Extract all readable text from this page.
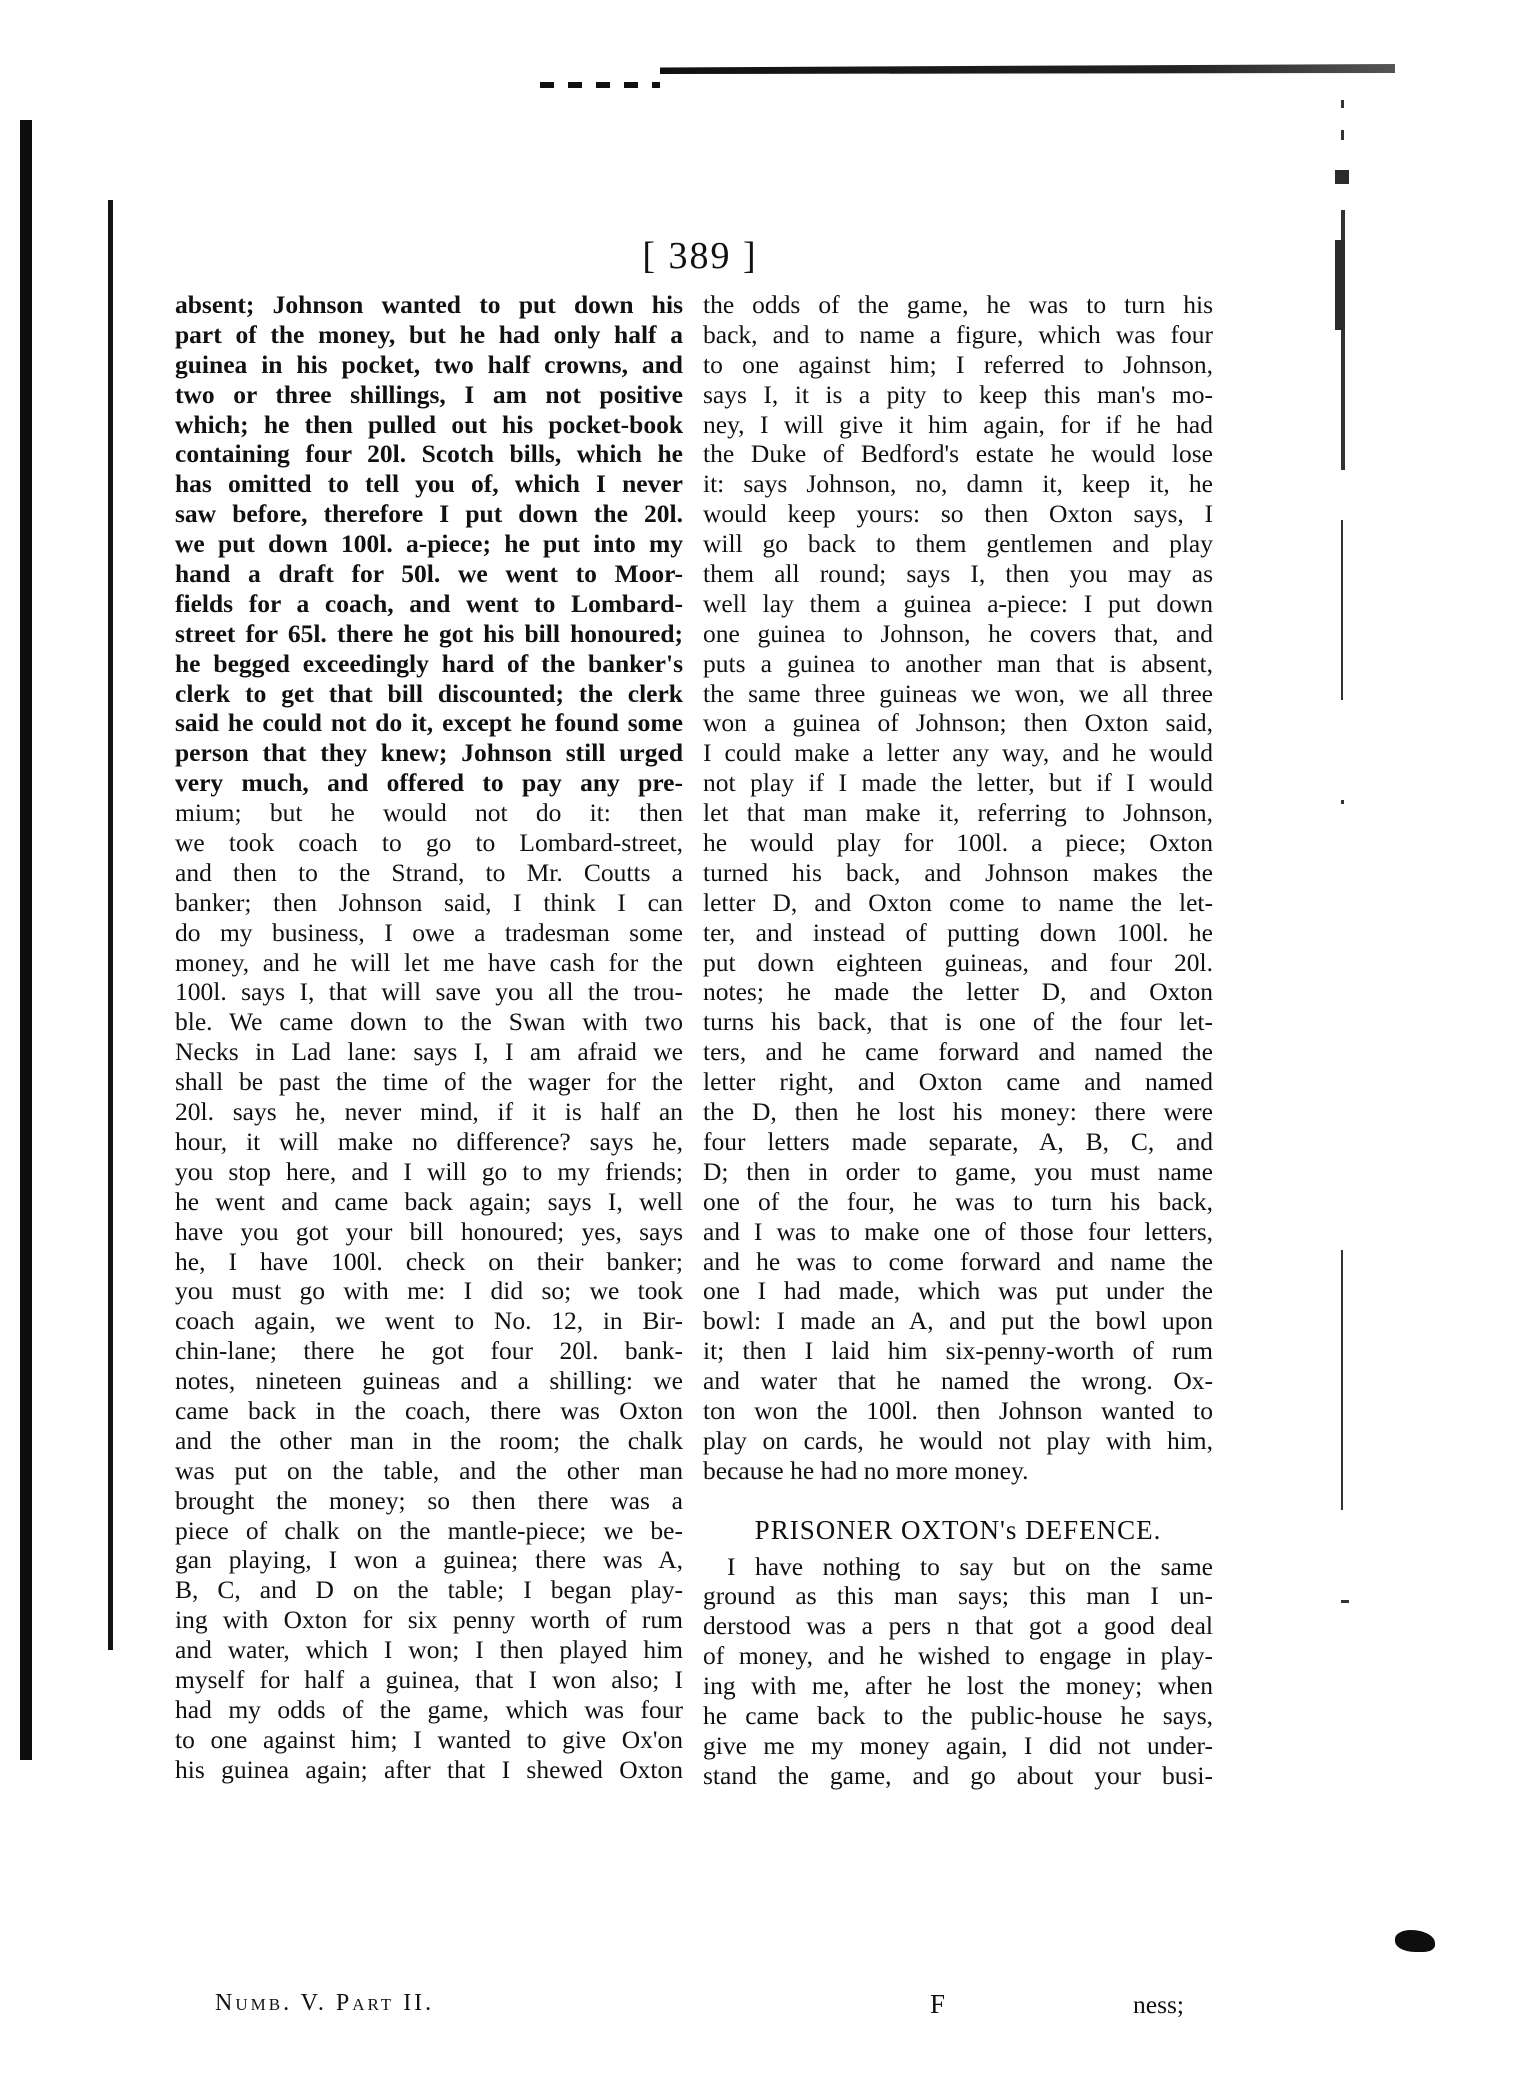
[ 389 ]
absent; Johnson wanted to put down his
part of the money, but he had only half a
guinea in his pocket, two half crowns, and
two or three shillings, I am not positive
which; he then pulled out his pocket-book
containing four 20l. Scotch bills, which he
has omitted to tell you of, which I never
saw before, therefore I put down the 20l.
we put down 100l. a-piece; he put into my
hand a draft for 50l. we went to Moor-
fields for a coach, and went to Lombard-
street for 65l. there he got his bill honoured;
he begged exceedingly hard of the banker's
clerk to get that bill discounted; the clerk
said he could not do it, except he found some
person that they knew; Johnson still urged
very much, and offered to pay any pre-
mium; but he would not do it: then
we took coach to go to Lombard-street,
and then to the Strand, to Mr. Coutts a
banker; then Johnson said, I think I can
do my business, I owe a tradesman some
money, and he will let me have cash for the
100l. says I, that will save you all the trou-
ble. We came down to the Swan with two
Necks in Lad lane: says I, I am afraid we
shall be past the time of the wager for the
20l. says he, never mind, if it is half an
hour, it will make no difference? says he,
you stop here, and I will go to my friends;
he went and came back again; says I, well
have you got your bill honoured; yes, says
he, I have 100l. check on their banker;
you must go with me: I did so; we took
coach again, we went to No. 12, in Bir-
chin-lane; there he got four 20l. bank-
notes, nineteen guineas and a shilling: we
came back in the coach, there was Oxton
and the other man in the room; the chalk
was put on the table, and the other man
brought the money; so then there was a
piece of chalk on the mantle-piece; we be-
gan playing, I won a guinea; there was A,
B, C, and D on the table; I began play-
ing with Oxton for six penny worth of rum
and water, which I won; I then played him
myself for half a guinea, that I won also; I
had my odds of the game, which was four
to one against him; I wanted to give Ox'on
his guinea again; after that I shewed Oxton
the odds of the game, he was to turn his
back, and to name a figure, which was four
to one against him; I referred to Johnson,
says I, it is a pity to keep this man's mo-
ney, I will give it him again, for if he had
the Duke of Bedford's estate he would lose
it: says Johnson, no, damn it, keep it, he
would keep yours: so then Oxton says, I
will go back to them gentlemen and play
them all round; says I, then you may as
well lay them a guinea a-piece: I put down
one guinea to Johnson, he covers that, and
puts a guinea to another man that is absent,
the same three guineas we won, we all three
won a guinea of Johnson; then Oxton said,
I could make a letter any way, and he would
not play if I made the letter, but if I would
let that man make it, referring to Johnson,
he would play for 100l. a piece; Oxton
turned his back, and Johnson makes the
letter D, and Oxton come to name the let-
ter, and instead of putting down 100l. he
put down eighteen guineas, and four 20l.
notes; he made the letter D, and Oxton
turns his back, that is one of the four let-
ters, and he came forward and named the
letter right, and Oxton came and named
the D, then he lost his money: there were
four letters made separate, A, B, C, and
D; then in order to game, you must name
one of the four, he was to turn his back,
and I was to make one of those four letters,
and he was to come forward and name the
one I had made, which was put under the
bowl: I made an A, and put the bowl upon
it; then I laid him six-penny-worth of rum
and water that he named the wrong. Ox-
ton won the 100l. then Johnson wanted to
play on cards, he would not play with him,
because he had no more money.
PRISONER OXTON's DEFENCE.
I have nothing to say but on the same
ground as this man says; this man I un-
derstood was a pers n that got a good deal
of money, and he wished to engage in play-
ing with me, after he lost the money; when
he came back to the public-house he says,
give me my money again, I did not under-
stand the game, and go about your busi-
Numb. V. Part II.	F	ness;
